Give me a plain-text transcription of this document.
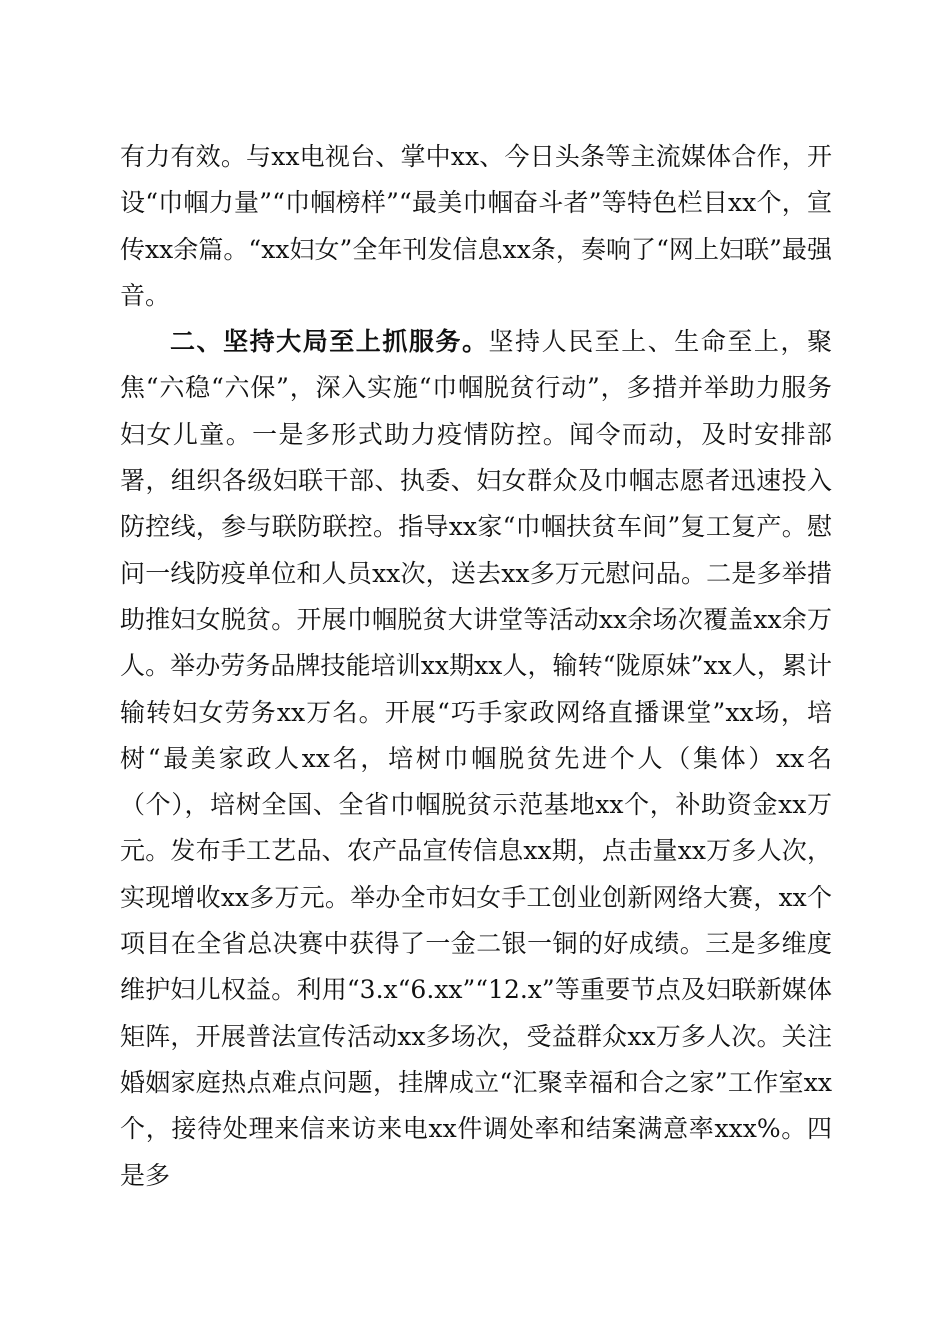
有力有效。与xx电视台、掌中xx、今日头条等主流媒体合作，开设“巾帼力量”“巾帼榜样”“最美巾帼奋斗者”等特色栏目xx个，宣传xx余篇。“xx妇女”全年刊发信息xx条，奏响了“网上妇联”最强音。

二、坚持大局至上抓服务。坚持人民至上、生命至上，聚焦“六稳“六保”，深入实施“巾帼脱贫行动”，多措并举助力服务妇女儿童。一是多形式助力疫情防控。闻令而动，及时安排部署，组织各级妇联干部、执委、妇女群众及巾帼志愿者迅速投入防控线，参与联防联控。指导xx家“巾帼扶贫车间”复工复产。慰问一线防疫单位和人员xx次，送去xx多万元慰问品。二是多举措助推妇女脱贫。开展巾帼脱贫大讲堂等活动xx余场次覆盖xx余万人。举办劳务品牌技能培训xx期xx人，输转“陇原妹”xx人，累计输转妇女劳务xx万名。开展“巧手家政网络直播课堂”xx场，培树“最美家政人xx名，培树巾帼脱贫先进个人（集体）xx名（个），培树全国、全省巾帼脱贫示范基地xx个，补助资金xx万元。发布手工艺品、农产品宣传信息xx期，点击量xx万多人次，实现增收xx多万元。举办全市妇女手工创业创新网络大赛，xx个项目在全省总决赛中获得了一金二银一铜的好成绩。三是多维度维护妇儿权益。利用“3.x“6.xx”“12.x”等重要节点及妇联新媒体矩阵，开展普法宣传活动xx多场次，受益群众xx万多人次。关注婚姻家庭热点难点问题，挂牌成立“汇聚幸福和合之家”工作室xx个，接待处理来信来访来电xx件调处率和结案满意率xxx%。四是多
